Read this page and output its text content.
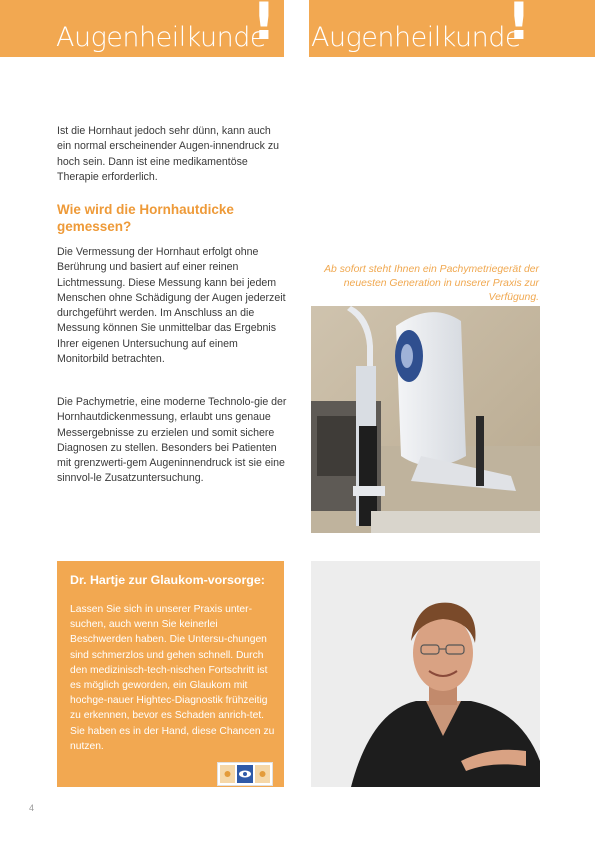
Augenheilkunde
! Augenheilkunde
!
Ist die Hornhaut jedoch sehr dünn, kann auch ein normal erscheinender Augen-innendruck zu hoch sein. Dann ist eine medikamentöse Therapie erforderlich.
Wie wird die Hornhautdicke gemessen?
Die Vermessung der Hornhaut erfolgt ohne Berührung und basiert auf einer reinen Lichtmessung. Diese Messung kann bei jedem Menschen ohne Schädigung der Augen jederzeit durchgeführt werden. Im Anschluss an die Messung können Sie unmittelbar das Ergebnis Ihrer eigenen Untersuchung auf einem Monitorbild betrachten.
Die Pachymetrie, eine moderne Technolo-gie der Hornhautdickenmessung, erlaubt uns genaue Messergebnisse zu erzielen und somit sichere Diagnosen zu stellen. Besonders bei Patienten mit grenzwerti-gem Augeninnendruck ist sie eine sinnvol-le Zusatzuntersuchung.
Ab sofort steht Ihnen ein Pachymetriegerät der neuesten Generation in unserer Praxis zur Verfügung.
Dr. Hartje zur Glaukom-vorsorge:
Lassen Sie sich in unserer Praxis unter-suchen, auch wenn Sie keinerlei Beschwerden haben. Die Untersu-chungen sind schmerzlos und gehen schnell. Durch den medizinisch-tech-nischen Fortschritt ist es möglich geworden, ein Glaukom mit hochge-nauer Hightec-Diagnostik frühzeitig zu erkennen, bevor es Schaden anrich-tet. Sie haben es in der Hand, diese Chancen zu nutzen.
4
